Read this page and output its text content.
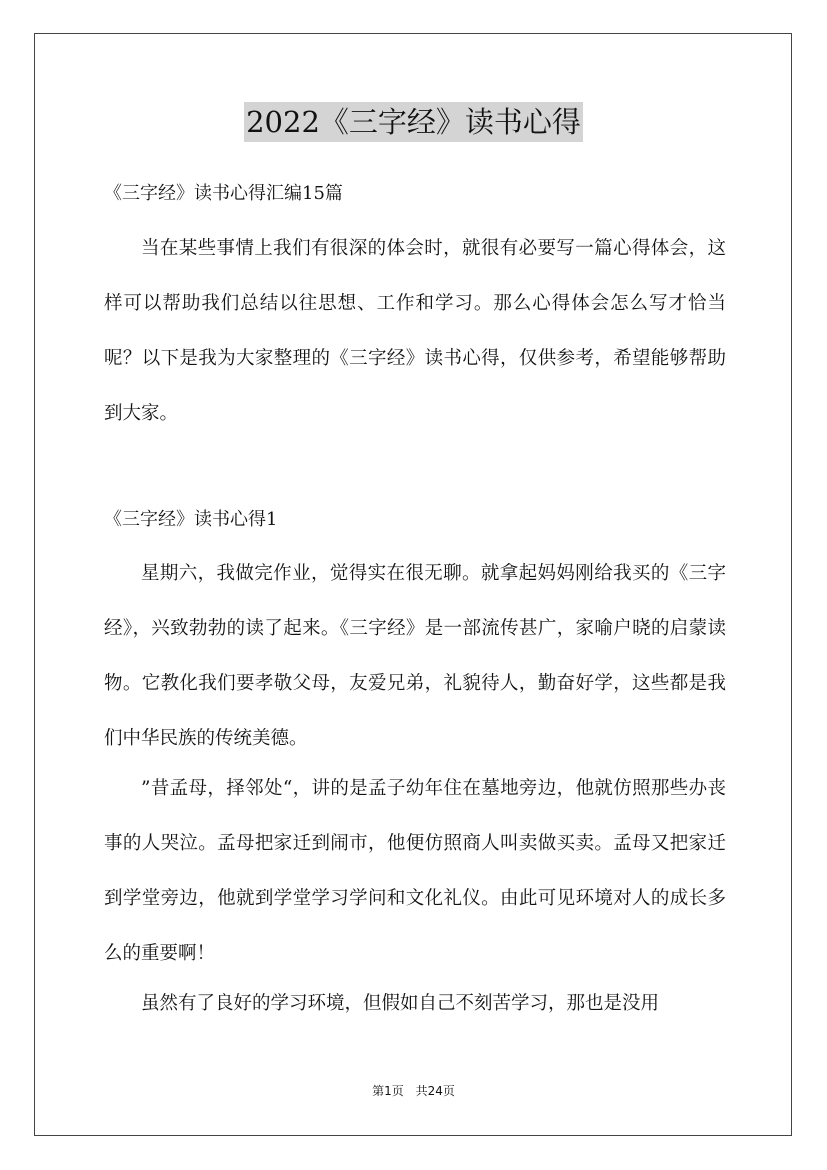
2022《三字经》读书心得
《三字经》读书心得汇编15篇

当在某些事情上我们有很深的体会时，就很有必要写一篇心得体会，这样可以帮助我们总结以往思想、工作和学习。那么心得体会怎么写才恰当呢？以下是我为大家整理的《三字经》读书心得，仅供参考，希望能够帮助到大家。

《三字经》读书心得1

星期六，我做完作业，觉得实在很无聊。就拿起妈妈刚给我买的《三字经》，兴致勃勃的读了起来。《三字经》是一部流传甚广，家喻户晓的启蒙读物。它教化我们要孝敬父母，友爱兄弟，礼貌待人，勤奋好学，这些都是我们中华民族的传统美德。

”昔孟母，择邻处“，讲的是孟子幼年住在墓地旁边，他就仿照那些办丧事的人哭泣。孟母把家迁到闹市，他便仿照商人叫卖做买卖。孟母又把家迁到学堂旁边，他就到学堂学习学问和文化礼仪。由此可见环境对人的成长多么的重要啊！

虽然有了良好的学习环境，但假如自己不刻苦学习，那也是没用

第1页 共24页
